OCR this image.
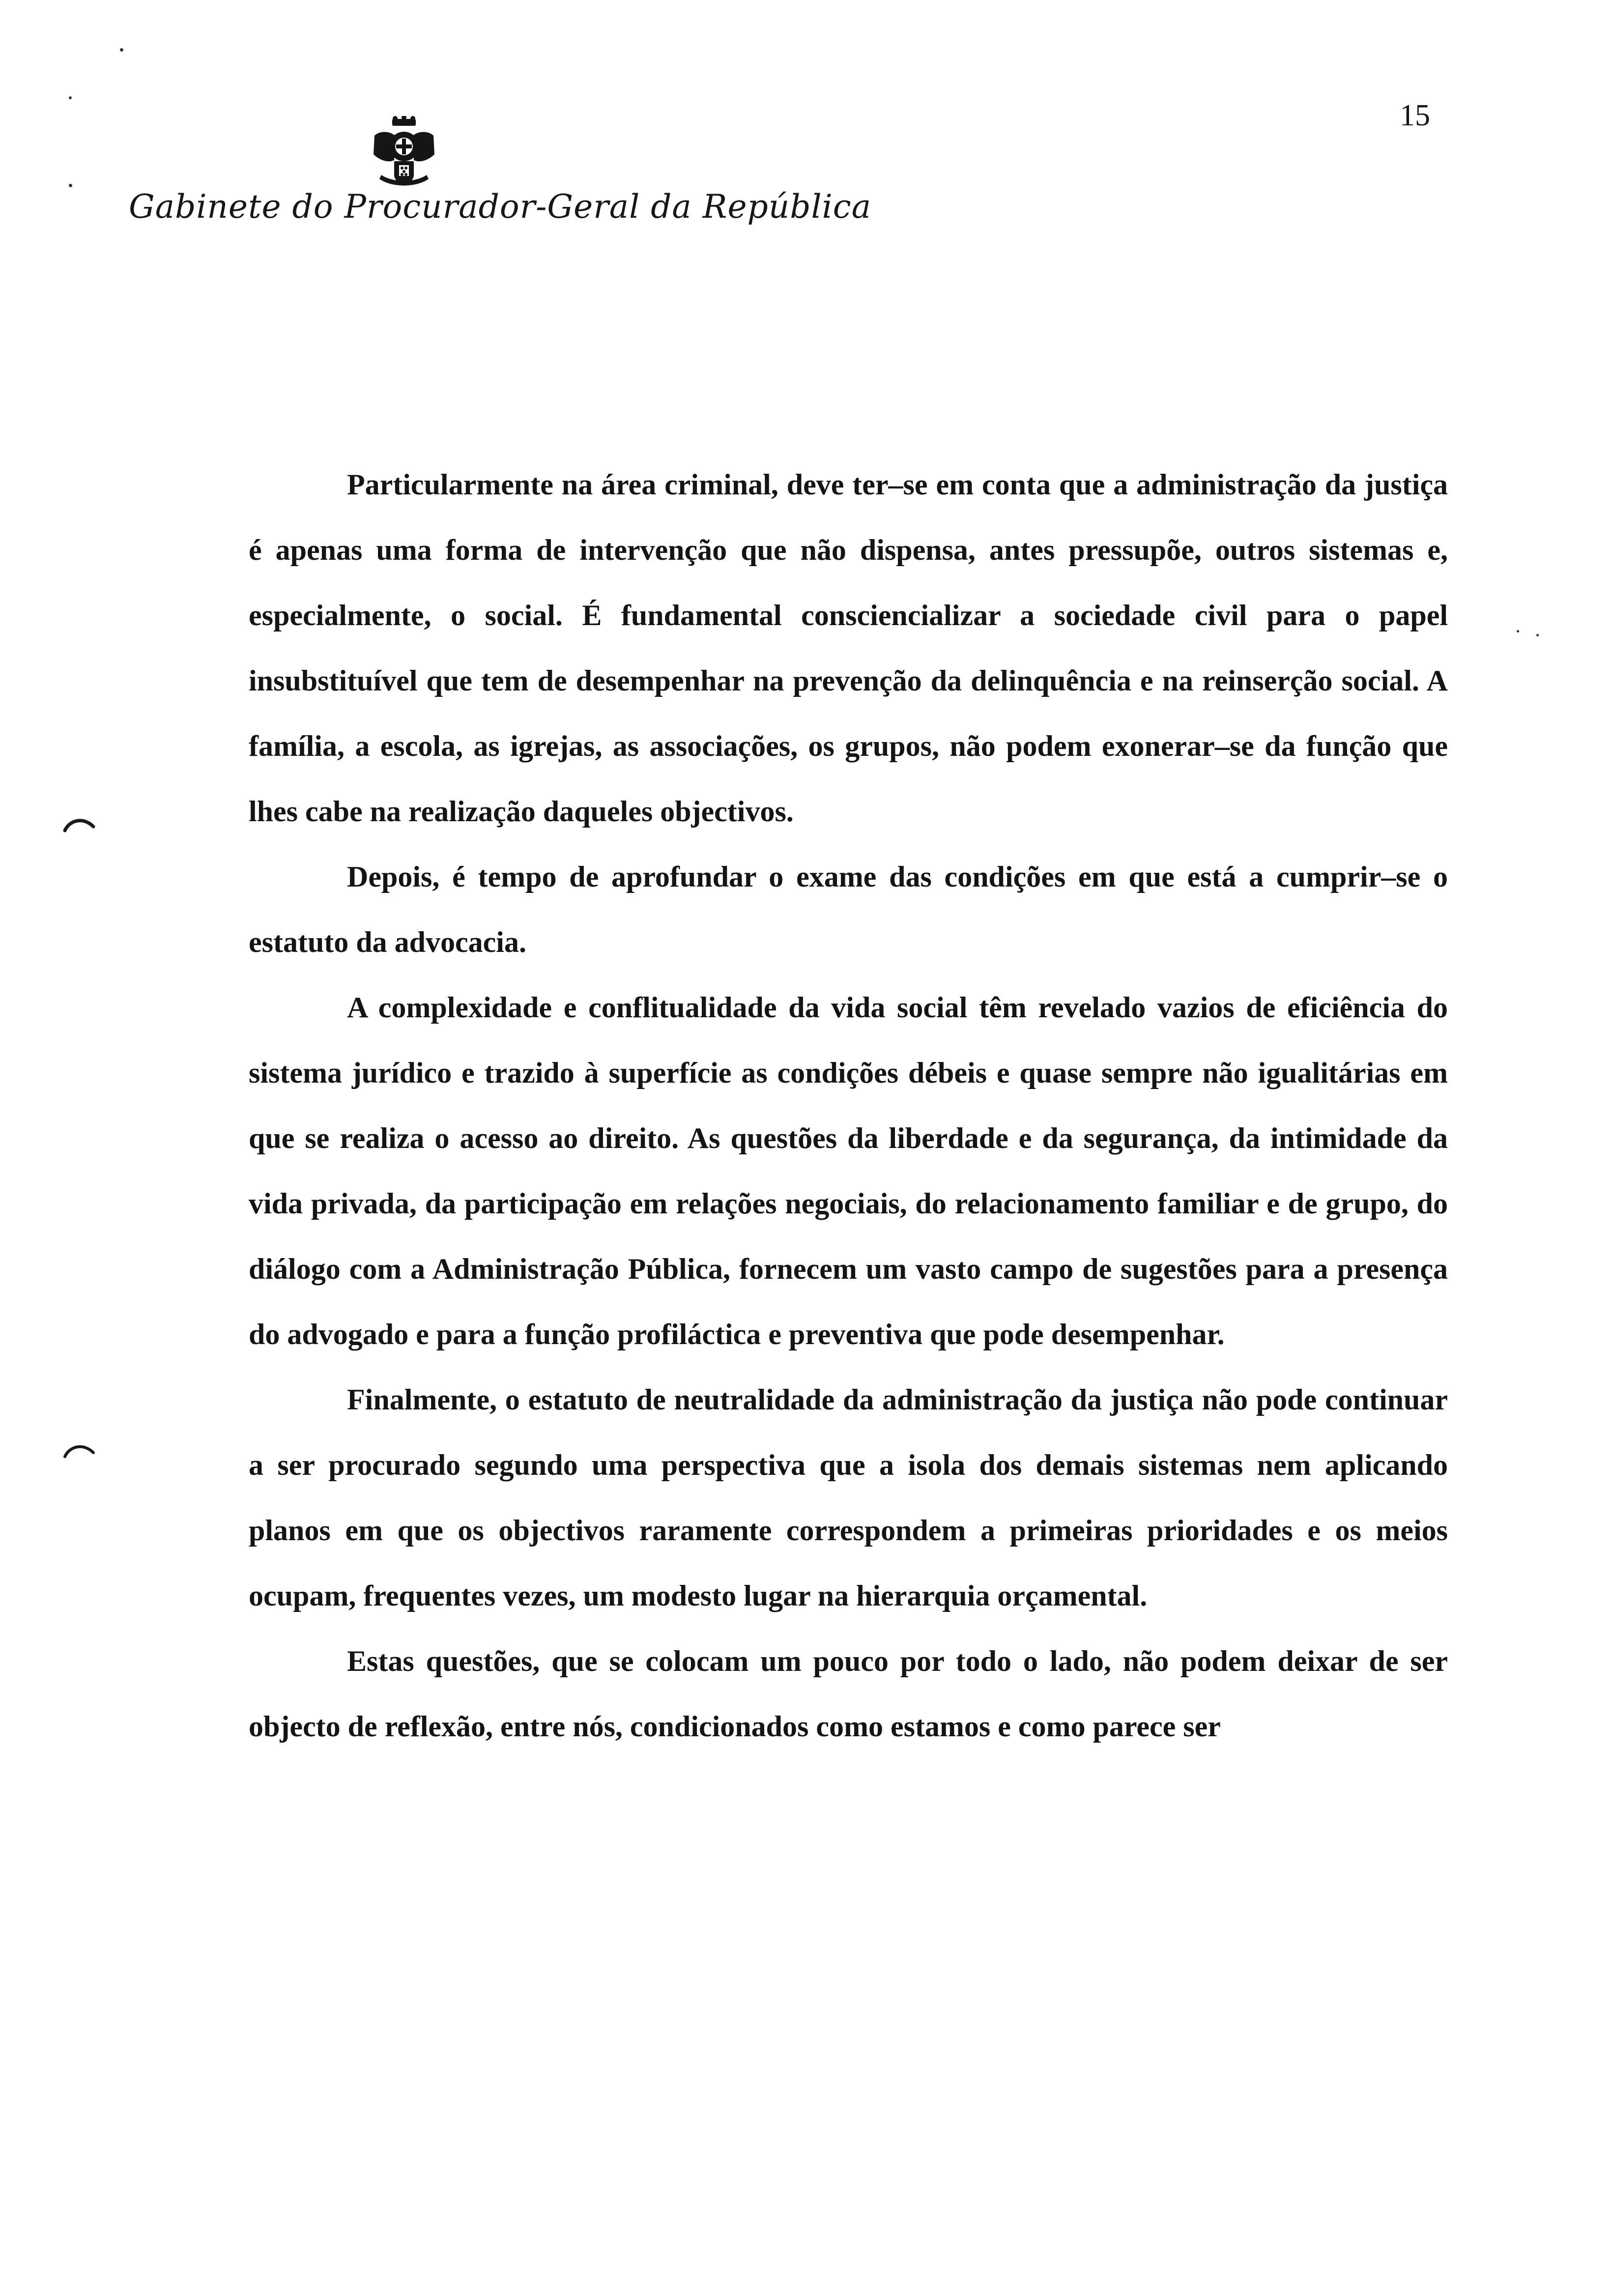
15
Gabinete do Procurador-Geral da República

Particularmente na área criminal, deve ter–se em conta que a administração da justiça é apenas uma forma de intervenção que não dispensa, antes pressupõe, outros sistemas e, especialmente, o social. É fundamental consciencializar a sociedade civil para o papel insubstituível que tem de desempenhar na prevenção da delinquência e na reinserção social. A família, a escola, as igrejas, as associações, os grupos, não podem exonerar–se da função que lhes cabe na realização daqueles objectivos.

Depois, é tempo de aprofundar o exame das condições em que está a cumprir–se o estatuto da advocacia.

A complexidade e conflitualidade da vida social têm revelado vazios de eficiência do sistema jurídico e trazido à superfície as condições débeis e quase sempre não igualitárias em que se realiza o acesso ao direito. As questões da liberdade e da segurança, da intimidade da vida privada, da participação em relações negociais, do relacionamento familiar e de grupo, do diálogo com a Administração Pública, fornecem um vasto campo de sugestões para a presença do advogado e para a função profiláctica e preventiva que pode desempenhar.

Finalmente, o estatuto de neutralidade da administração da justiça não pode continuar a ser procurado segundo uma perspectiva que a isola dos demais sistemas nem aplicando planos em que os objectivos raramente correspondem a primeiras prioridades e os meios ocupam, frequentes vezes, um modesto lugar na hierarquia orçamental.

Estas questões, que se colocam um pouco por todo o lado, não podem deixar de ser objecto de reflexão, entre nós, condicionados como estamos e como parece ser
